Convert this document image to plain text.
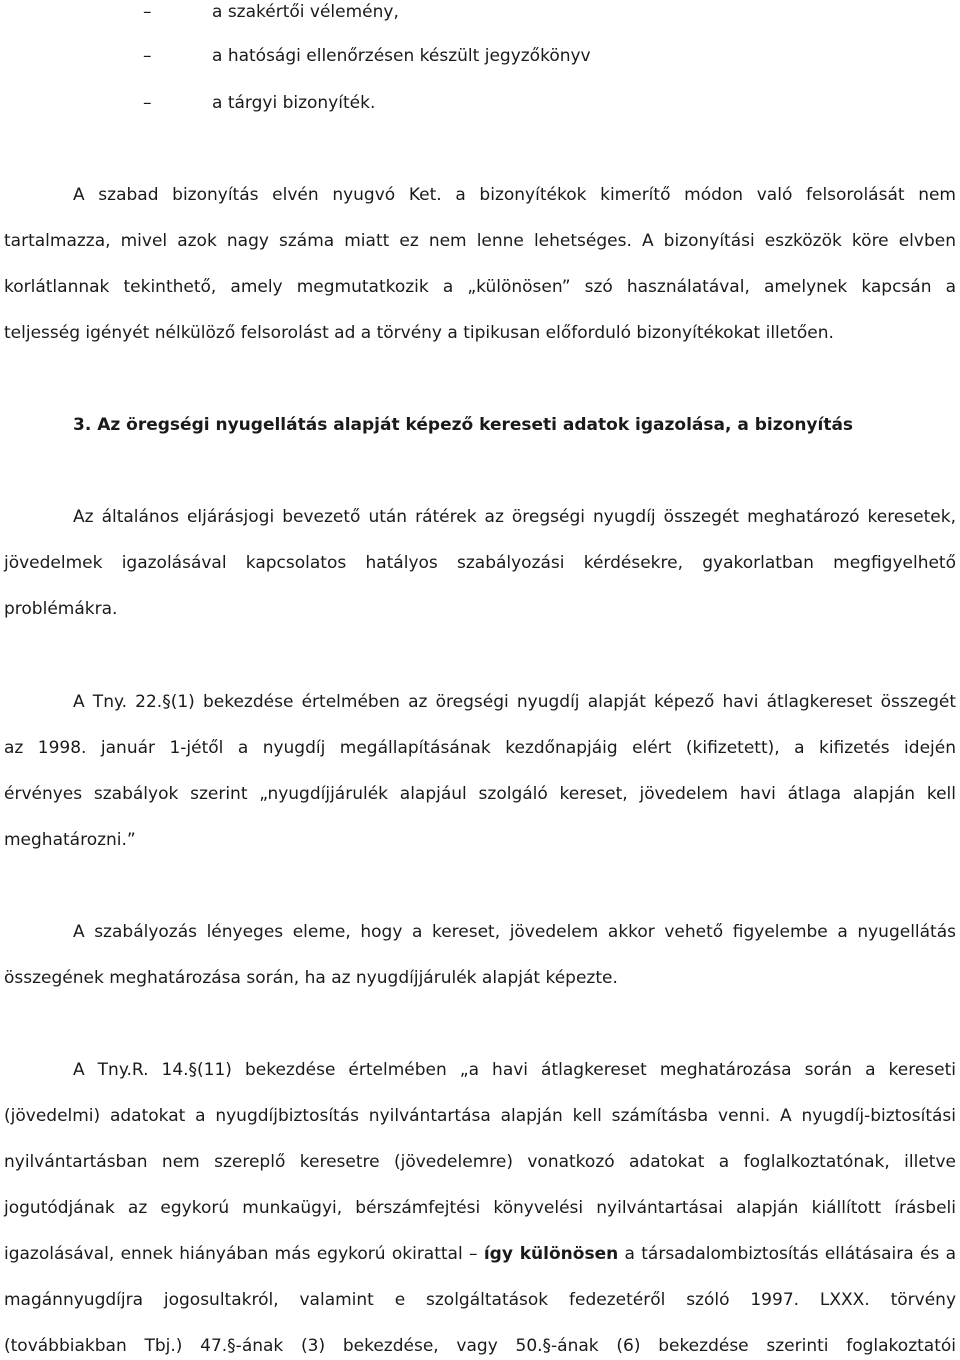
–	a szakértői vélemény,
–	a hatósági ellenőrzésen készült jegyzőkönyv
–	a tárgyi bizonyíték.
A szabad bizonyítás elvén nyugvó Ket. a bizonyítékok kimerítő módon való felsorolását nem
tartalmazza, mivel azok nagy száma miatt ez nem lenne lehetséges. A bizonyítási eszközök köre elvben
korlátlannak tekinthető, amely megmutatkozik a „különösen” szó használatával, amelynek kapcsán a
teljesség igényét nélkülöző felsorolást ad a törvény a tipikusan előforduló bizonyítékokat illetően.
3. Az öregségi nyugellátás alapját képező kereseti adatok igazolása, a bizonyítás
Az általános eljárásjogi bevezető után rátérek az öregségi nyugdíj összegét meghatározó keresetek,
jövedelmek igazolásával kapcsolatos hatályos szabályozási kérdésekre, gyakorlatban megfigyelhető
problémákra.
A Tny. 22.§(1) bekezdése értelmében az öregségi nyugdíj alapját képező havi átlagkereset összegét
az 1998. január 1-jétől a nyugdíj megállapításának kezdőnapjáig elért (kifizetett), a kifizetés idején
érvényes szabályok szerint „nyugdíjjárulék alapjául szolgáló kereset, jövedelem havi átlaga alapján kell
meghatározni.”
A szabályozás lényeges eleme, hogy a kereset, jövedelem akkor vehető figyelembe a nyugellátás
összegének meghatározása során, ha az nyugdíjjárulék alapját képezte.
A Tny.R. 14.§(11) bekezdése értelmében „a havi átlagkereset meghatározása során a kereseti
(jövedelmi) adatokat a nyugdíjbiztosítás nyilvántartása alapján kell számításba venni. A nyugdíj-biztosítási
nyilvántartásban nem szereplő keresetre (jövedelemre) vonatkozó adatokat a foglalkoztatónak, illetve
jogutódjának az egykorú munkaügyi, bérszámfejtési könyvelési nyilvántartásai alapján kiállított írásbeli
igazolásával, ennek hiányában más egykorú okirattal – így különösen a társadalombiztosítás ellátásaira és a
magánnyugdíjra jogosultakról, valamint e szolgáltatások fedezetéről szóló 1997. LXXX. törvény
(továbbiakban Tbj.) 47.§-ának (3) bekezdése, vagy 50.§-ának (6) bekezdése szerinti foglakoztatói
